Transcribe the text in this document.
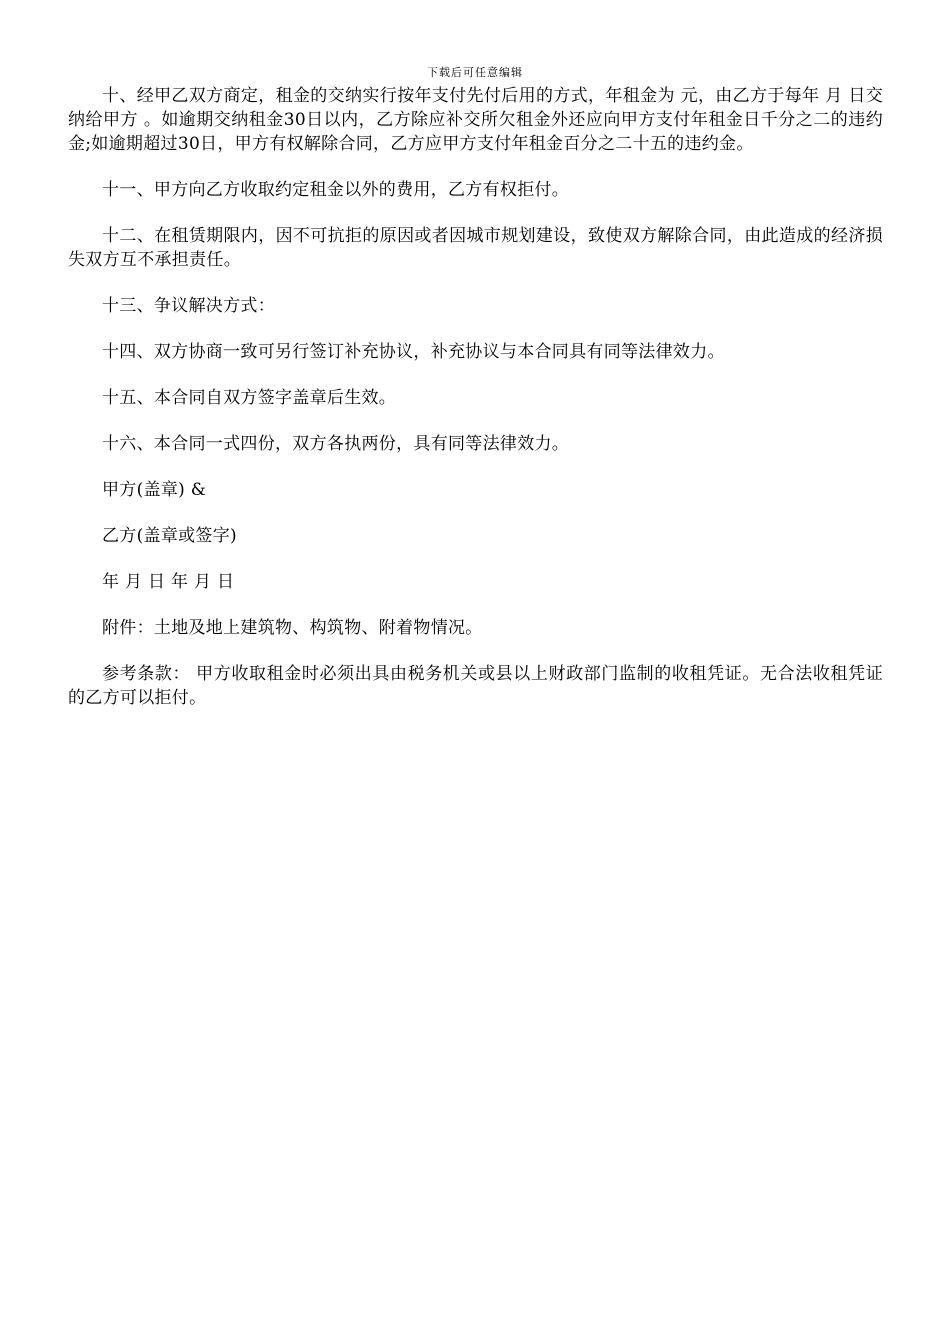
下载后可任意编辑

十、经甲乙双方商定，租金的交纳实行按年支付先付后用的方式，年租金为 元，由乙方于每年 月 日交纳给甲方 。如逾期交纳租金30日以内，乙方除应补交所欠租金外还应向甲方支付年租金日千分之二的违约金;如逾期超过30日，甲方有权解除合同，乙方应甲方支付年租金百分之二十五的违约金。

十一、甲方向乙方收取约定租金以外的费用，乙方有权拒付。

十二、在租赁期限内，因不可抗拒的原因或者因城市规划建设，致使双方解除合同，由此造成的经济损失双方互不承担责任。

十三、争议解决方式：

十四、双方协商一致可另行签订补充协议，补充协议与本合同具有同等法律效力。

十五、本合同自双方签字盖章后生效。

十六、本合同一式四份，双方各执两份，具有同等法律效力。

甲方(盖章) &

乙方(盖章或签字)

年 月 日 年 月 日

附件：土地及地上建筑物、构筑物、附着物情况。

参考条款： 甲方收取租金时必须出具由税务机关或县以上财政部门监制的收租凭证。无合法收租凭证的乙方可以拒付。
